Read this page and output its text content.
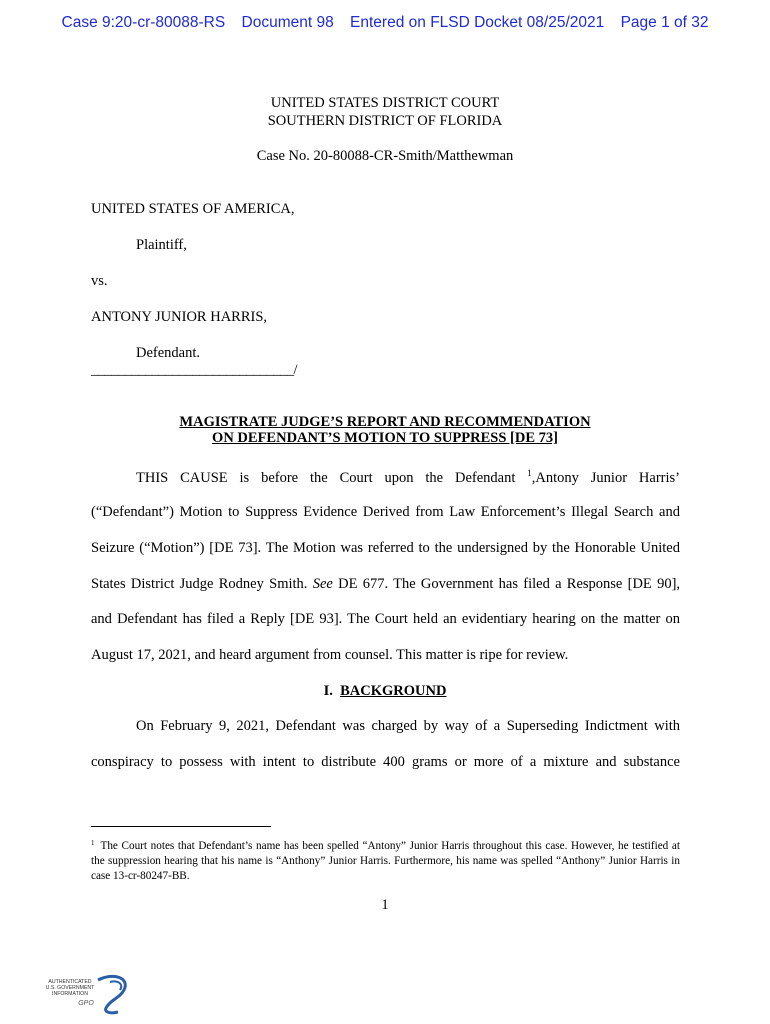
Case 9:20-cr-80088-RS Document 98 Entered on FLSD Docket 08/25/2021 Page 1 of 32
UNITED STATES DISTRICT COURT
SOUTHERN DISTRICT OF FLORIDA
Case No. 20-80088-CR-Smith/Matthewman
UNITED STATES OF AMERICA,
Plaintiff,
vs.
ANTONY JUNIOR HARRIS,
Defendant.
______________________________/
MAGISTRATE JUDGE’S REPORT AND RECOMMENDATION
ON DEFENDANT’S MOTION TO SUPPRESS [DE 73]
THIS CAUSE is before the Court upon the Defendant $^1$,Antony Junior Harris’
(“Defendant”) Motion to Suppress Evidence Derived from Law Enforcement’s Illegal Search and
Seizure (“Motion”) [DE 73]. The Motion was referred to the undersigned by the Honorable United
States District Judge Rodney Smith. See DE 677. The Government has filed a Response [DE 90],
and Defendant has filed a Reply [DE 93]. The Court held an evidentiary hearing on the matter on
August 17, 2021, and heard argument from counsel. This matter is ripe for review.
I. BACKGROUND
On February 9, 2021, Defendant was charged by way of a Superseding Indictment with
conspiracy to possess with intent to distribute 400 grams or more of a mixture and substance
$^1$ The Court notes that Defendant’s name has been spelled “Antony” Junior Harris throughout this case. However, he testified at the suppression hearing that his name is “Anthony” Junior Harris. Furthermore, his name was spelled “Anthony” Junior Harris in case 13-cr-80247-BB.
1
AUTHENTICATED
U.S. GOVERNMENT
INFORMATION
GPO
